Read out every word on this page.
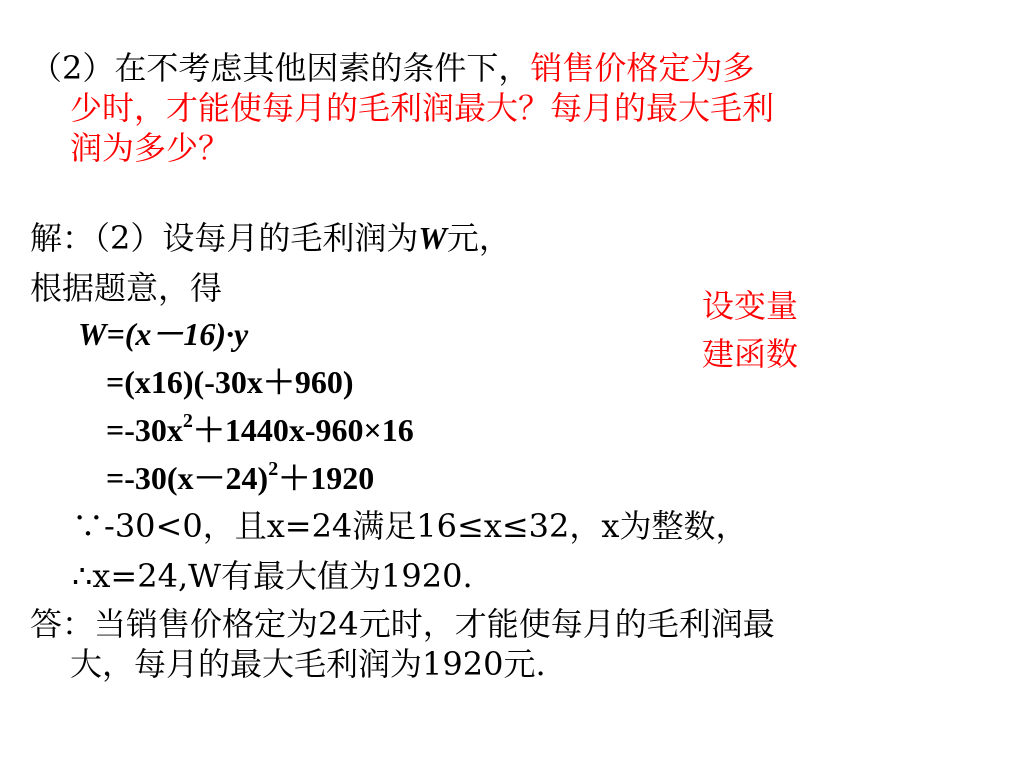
（2）在不考虑其他因素的条件下，销售价格定为多
少时，才能使每月的毛利润最大？每月的最大毛利
润为多少？
解：（2）设每月的毛利润为W元，
根据题意，得
W=(x－16)·y
=(x16)(-30x＋960)
$=-30x^2+1440x-960\times 16$
$=-30(x-24)^2+1920$
∵-30<0，且x=24满足16≤x≤32，x为整数，
∴x=24,W有最大值为1920.
答：当销售价格定为24元时，才能使每月的毛利润最
大，每月的最大毛利润为1920元.
设变量
建函数
